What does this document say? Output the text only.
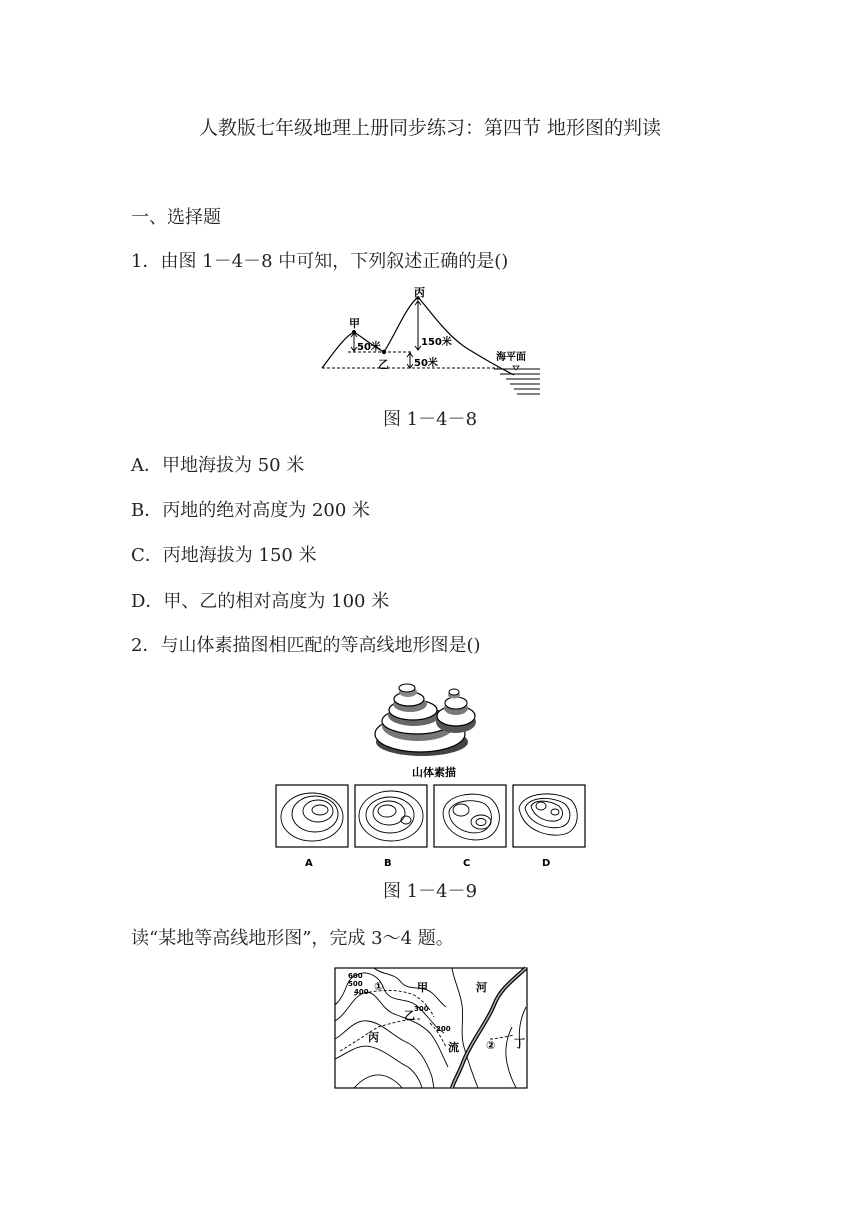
人教版七年级地理上册同步练习：第四节 地形图的判读
一、选择题
1．由图 1－4－8 中可知，下列叙述正确的是()
甲
丙
乙
50米	150米
50米
海平面
图 1－4－8
A．甲地海拔为 50 米
B．丙地的绝对高度为 200 米
C．丙地海拔为 150 米
D．甲、乙的相对高度为 100 米
2．与山体素描图相匹配的等高线地形图是()
山体素描
A	B	C	D
图 1－4－9
读“某地等高线地形图”，完成 3～4 题。
600
500
400
300
200
①
②
甲
乙
丙	丁
河
流
